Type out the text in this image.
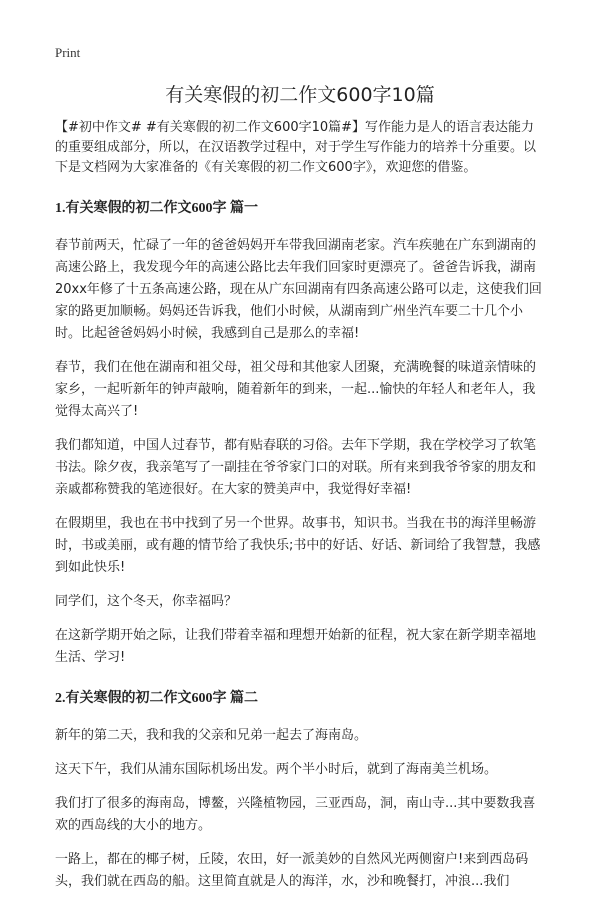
Print
有关寒假的初二作文600字10篇

【#初中作文# #有关寒假的初二作文600字10篇#】写作能力是人的语言表达能力的重要组成部分，所以，在汉语教学过程中，对于学生写作能力的培养十分重要。以下是文档网为大家准备的《有关寒假的初二作文600字》，欢迎您的借鉴。

1.有关寒假的初二作文600字 篇一

春节前两天，忙碌了一年的爸爸妈妈开车带我回湖南老家。汽车疾驰在广东到湖南的高速公路上，我发现今年的高速公路比去年我们回家时更漂亮了。爸爸告诉我，湖南20xx年修了十五条高速公路，现在从广东回湖南有四条高速公路可以走，这使我们回家的路更加顺畅。妈妈还告诉我，他们小时候，从湖南到广州坐汽车要二十几个小时。比起爸爸妈妈小时候，我感到自己是那么的幸福!

春节，我们在他在湖南和祖父母，祖父母和其他家人团聚，充满晚餐的味道亲情味的家乡，一起听新年的钟声敲响，随着新年的到来，一起...愉快的年轻人和老年人，我觉得太高兴了!

我们都知道，中国人过春节，都有贴春联的习俗。去年下学期，我在学校学习了软笔书法。除夕夜，我亲笔写了一副挂在爷爷家门口的对联。所有来到我爷爷家的朋友和亲戚都称赞我的笔迹很好。在大家的赞美声中，我觉得好幸福!

在假期里，我也在书中找到了另一个世界。故事书，知识书。当我在书的海洋里畅游时，书或美丽，或有趣的情节给了我快乐;书中的好话、好话、新词给了我智慧，我感到如此快乐!

同学们，这个冬天，你幸福吗？

在这新学期开始之际，让我们带着幸福和理想开始新的征程，祝大家在新学期幸福地生活、学习!

2.有关寒假的初二作文600字 篇二

新年的第二天，我和我的父亲和兄弟一起去了海南岛。

这天下午，我们从浦东国际机场出发。两个半小时后，就到了海南美兰机场。

我们打了很多的海南岛，博鳌，兴隆植物园，三亚西岛，洞，南山寺...其中要数我喜欢的西岛线的大小的地方。

一路上，都在的椰子树，丘陵，农田，好一派美妙的自然风光两侧窗户!来到西岛码头，我们就在西岛的船。这里简直就是人的海洋，水，沙和晚餐打，冲浪...我们
